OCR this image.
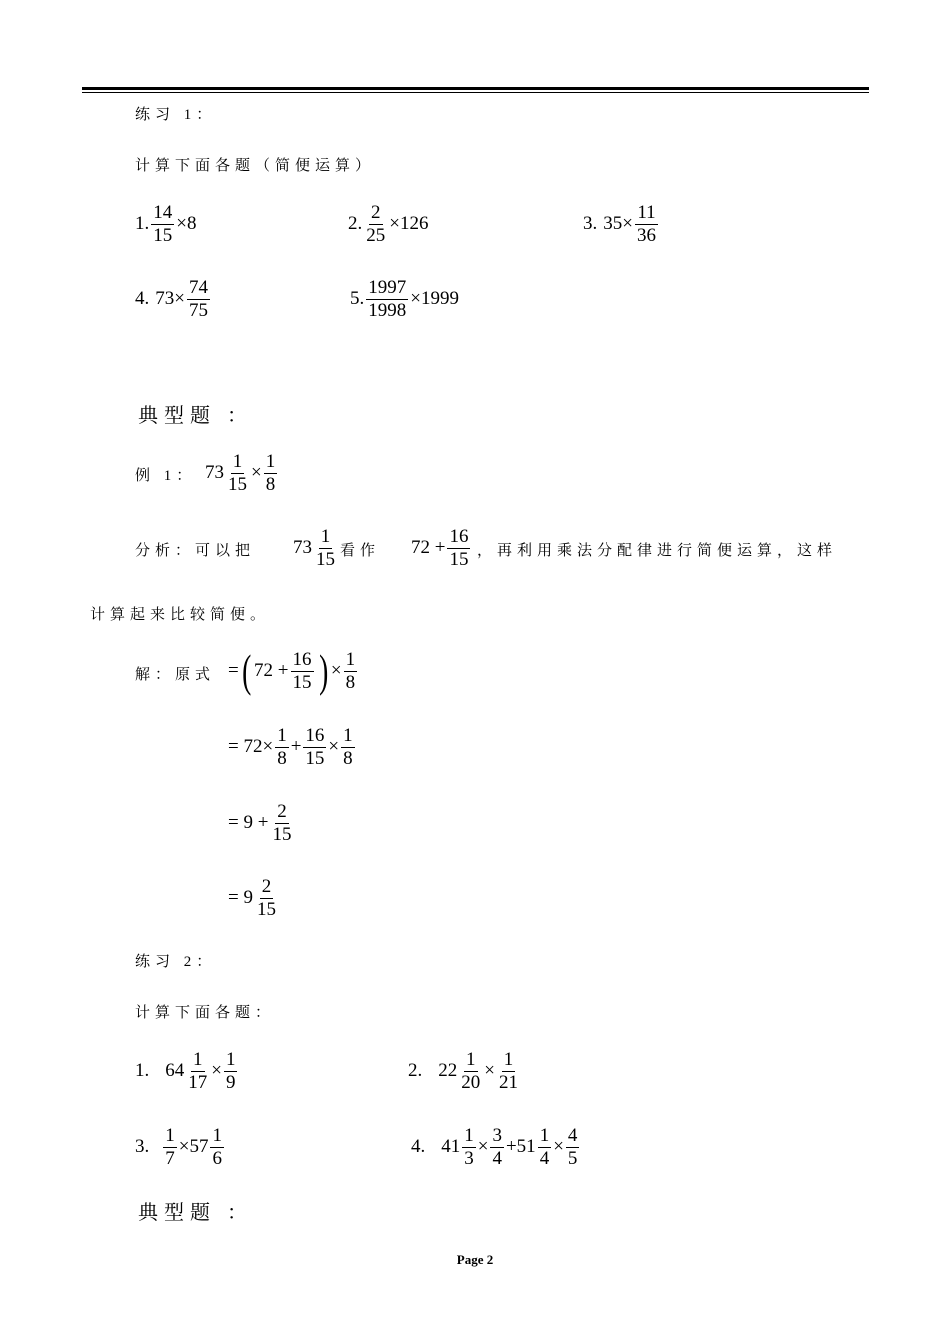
练习 1：
计算下面各题（简便运算）
1. $\frac{14}{15} \times 8$	2. $\frac{2}{25} \times 126$	3. $35\times \frac{11}{36}$
4. $73\times \frac{74}{75}$	5. $\frac{1997}{1998} \times 1999$
典型题 ：
例 1： $73 \frac{1}{15} \times \frac{1}{8}$
分析：可以把 $73 \frac{1}{15}$ 看作 $72 + \frac{16}{15}$ ，再利用乘法分配律进行简便运算，这样
计算起来比较简便。
解：原式 = ( $72 + \frac{16}{15}$ ) × $\frac{1}{8}$
= $72\times \frac{1}{8} + \frac{16}{15} \times \frac{1}{8}$
= $9 + \frac{2}{15}$
= $9 \frac{2}{15}$
练习 2：
计算下面各题：
1. $64 \frac{1}{17} \times \frac{1}{9}$	2. $22 \frac{1}{20} \times \frac{1}{21}$
3. $\frac{1}{7} \times 57 \frac{1}{6}$	4. $41 \frac{1}{3} \times \frac{3}{4} +51 \frac{1}{4} \times \frac{4}{5}$
典型题 ：
Page 2
